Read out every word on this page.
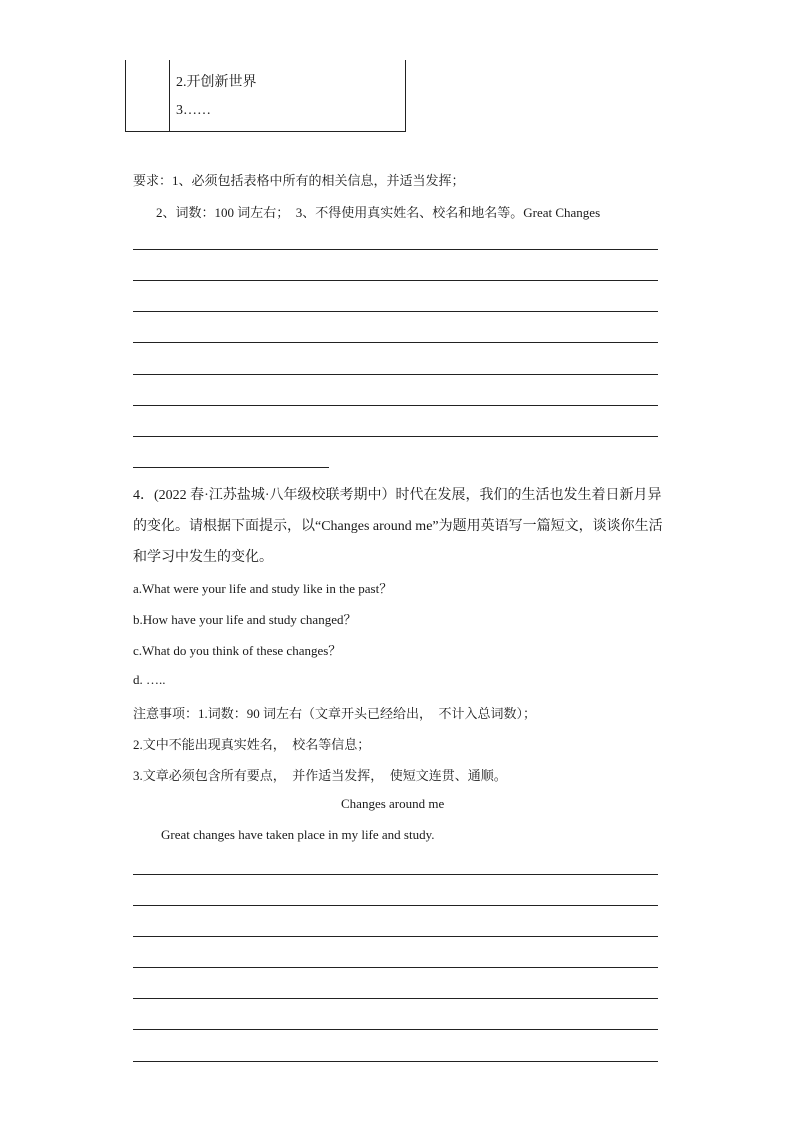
2.开创新世界
3……
要求：1、必须包括表格中所有的相关信息，并适当发挥；
2、词数：100 词左右；　3、不得使用真实姓名、校名和地名等。Great Changes
4．(2022 春·江苏盐城·八年级校联考期中）时代在发展，我们的生活也发生着日新月异
的变化。请根据下面提示，以“Changes around me”为题用英语写一篇短文，谈谈你生活
和学习中发生的变化。
a.What were your life and study like in the past？
b.How have your life and study changed？
c.What do you think of these changes？
d. …..
注意事项：1.词数：90 词左右（文章开头已经给出，　不计入总词数）；
2.文中不能出现真实姓名，　校名等信息；
3.文章必须包含所有要点，　并作适当发挥，　使短文连贯、通顺。
Changes around me
Great changes have taken place in my life and study.
